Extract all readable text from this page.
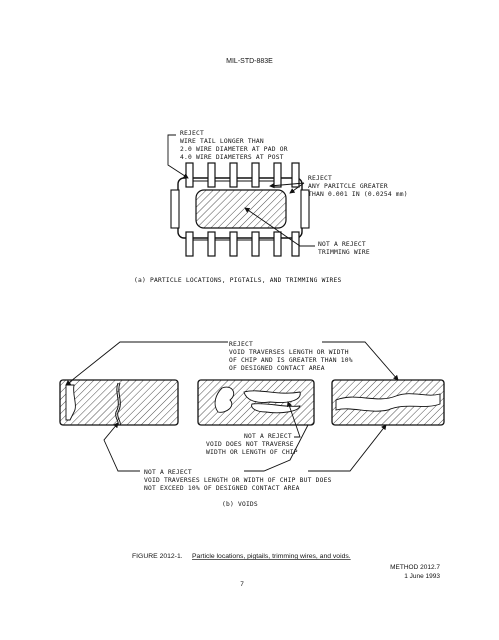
MIL-STD-883E
REJECT
WIRE TAIL LONGER THAN
2.0 WIRE DIAMETER AT PAD OR
4.0 WIRE DIAMETERS AT POST
REJECT
ANY PARITCLE GREATER
THAN 0.001 IN (0.0254 mm)
NOT A REJECT
TRIMMING WIRE
(a) PARTICLE LOCATIONS, PIGTAILS, AND TRIMMING WIRES
REJECT
VOID TRAVERSES LENGTH OR WIDTH
OF CHIP AND IS GREATER THAN 10%
OF DESIGNED CONTACT AREA
NOT A REJECT
VOID DOES NOT TRAVERSE
WIDTH OR LENGTH OF CHIP
NOT A REJECT
VOID TRAVERSES LENGTH OR WIDTH OF CHIP BUT DOES
NOT EXCEED 10% OF DESIGNED CONTACT AREA
(b) VOIDS
FIGURE 2012-1. Particle locations, pigtails, trimming wires, and voids.
METHOD 2012.7
1 June 1993
7
